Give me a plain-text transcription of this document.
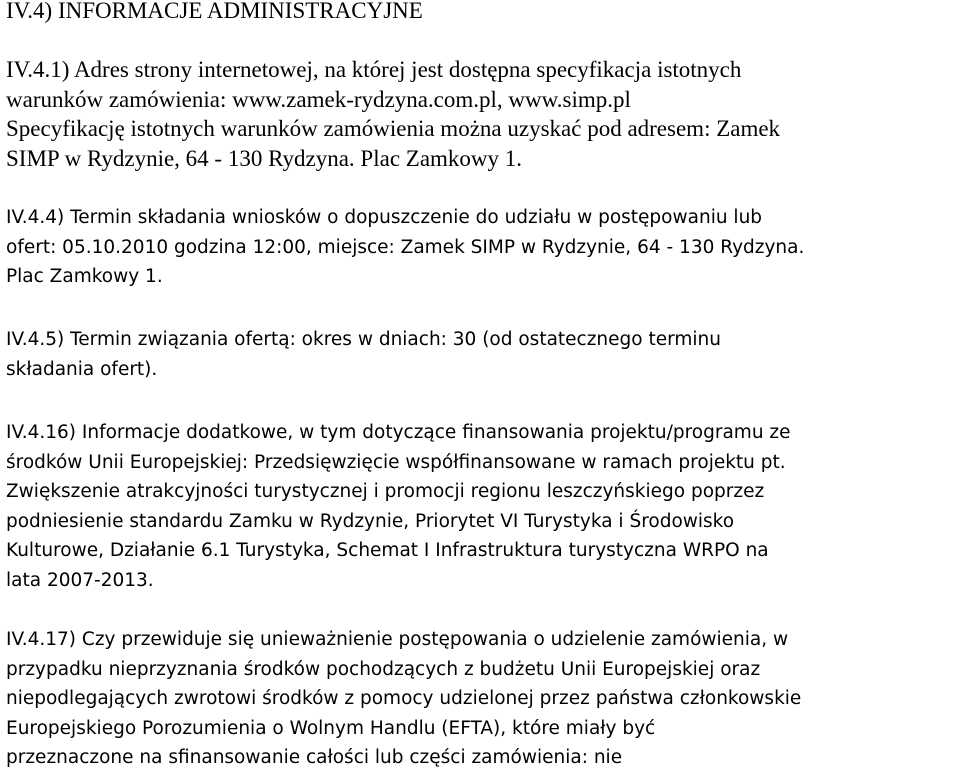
IV.4) INFORMACJE ADMINISTRACYJNE
IV.4.1) Adres strony internetowej, na której jest dostępna specyfikacja istotnych
warunków zamówienia: www.zamek-rydzyna.com.pl, www.simp.pl
Specyfikację istotnych warunków zamówienia można uzyskać pod adresem: Zamek
SIMP w Rydzynie, 64 - 130 Rydzyna. Plac Zamkowy 1.
IV.4.4) Termin składania wniosków o dopuszczenie do udziału w postępowaniu lub
ofert: 05.10.2010 godzina 12:00, miejsce: Zamek SIMP w Rydzynie, 64 - 130 Rydzyna.
Plac Zamkowy 1.
IV.4.5) Termin związania ofertą: okres w dniach: 30 (od ostatecznego terminu
składania ofert).
IV.4.16) Informacje dodatkowe, w tym dotyczące finansowania projektu/programu ze
środków Unii Europejskiej: Przedsięwzięcie współfinansowane w ramach projektu pt.
Zwiększenie atrakcyjności turystycznej i promocji regionu leszczyńskiego poprzez
podniesienie standardu Zamku w Rydzynie, Priorytet VI Turystyka i Środowisko
Kulturowe, Działanie 6.1 Turystyka, Schemat I Infrastruktura turystyczna WRPO na
lata 2007-2013.
IV.4.17) Czy przewiduje się unieważnienie postępowania o udzielenie zamówienia, w
przypadku nieprzyznania środków pochodzących z budżetu Unii Europejskiej oraz
niepodlegających zwrotowi środków z pomocy udzielonej przez państwa członkowskie
Europejskiego Porozumienia o Wolnym Handlu (EFTA), które miały być
przeznaczone na sfinansowanie całości lub części zamówienia: nie
